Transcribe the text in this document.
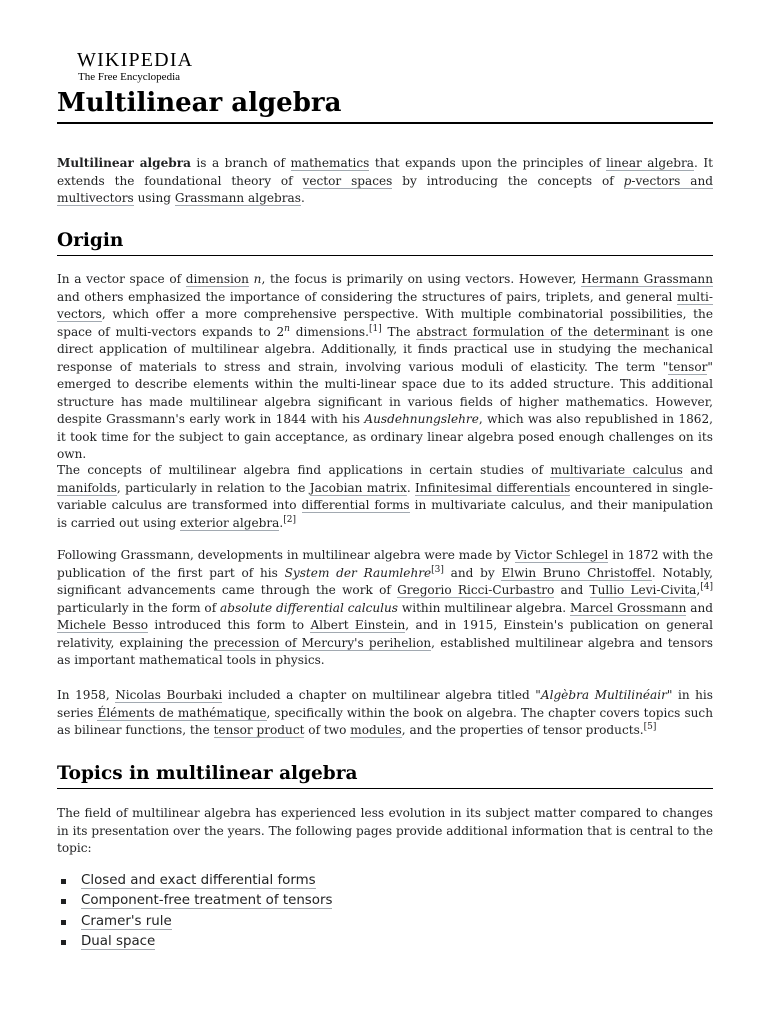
WIKIPEDIA
The Free Encyclopedia
Multilinear algebra

Multilinear algebra is a branch of mathematics that expands upon the principles of linear algebra. It extends the foundational theory of vector spaces by introducing the concepts of p-vectors and multivectors using Grassmann algebras.

Origin

In a vector space of dimension n, the focus is primarily on using vectors. However, Hermann Grassmann and others emphasized the importance of considering the structures of pairs, triplets, and general multi-vectors, which offer a more comprehensive perspective. With multiple combinatorial possibilities, the space of multi-vectors expands to 2$^n$ dimensions.[1] The abstract formulation of the determinant is one direct application of multilinear algebra. Additionally, it finds practical use in studying the mechanical response of materials to stress and strain, involving various moduli of elasticity. The term "tensor" emerged to describe elements within the multi-linear space due to its added structure. This additional structure has made multilinear algebra significant in various fields of higher mathematics. However, despite Grassmann's early work in 1844 with his Ausdehnungslehre, which was also republished in 1862, it took time for the subject to gain acceptance, as ordinary linear algebra posed enough challenges on its own.

The concepts of multilinear algebra find applications in certain studies of multivariate calculus and manifolds, particularly in relation to the Jacobian matrix. Infinitesimal differentials encountered in single-variable calculus are transformed into differential forms in multivariate calculus, and their manipulation is carried out using exterior algebra.[2]

Following Grassmann, developments in multilinear algebra were made by Victor Schlegel in 1872 with the publication of the first part of his System der Raumlehre[3] and by Elwin Bruno Christoffel. Notably, significant advancements came through the work of Gregorio Ricci-Curbastro and Tullio Levi-Civita,[4] particularly in the form of absolute differential calculus within multilinear algebra. Marcel Grossmann and Michele Besso introduced this form to Albert Einstein, and in 1915, Einstein's publication on general relativity, explaining the precession of Mercury's perihelion, established multilinear algebra and tensors as important mathematical tools in physics.

In 1958, Nicolas Bourbaki included a chapter on multilinear algebra titled "Algèbra Multilinéair" in his series Éléments de mathématique, specifically within the book on algebra. The chapter covers topics such as bilinear functions, the tensor product of two modules, and the properties of tensor products.[5]

Topics in multilinear algebra

The field of multilinear algebra has experienced less evolution in its subject matter compared to changes in its presentation over the years. The following pages provide additional information that is central to the topic:

Closed and exact differential forms
Component-free treatment of tensors
Cramer's rule
Dual space
